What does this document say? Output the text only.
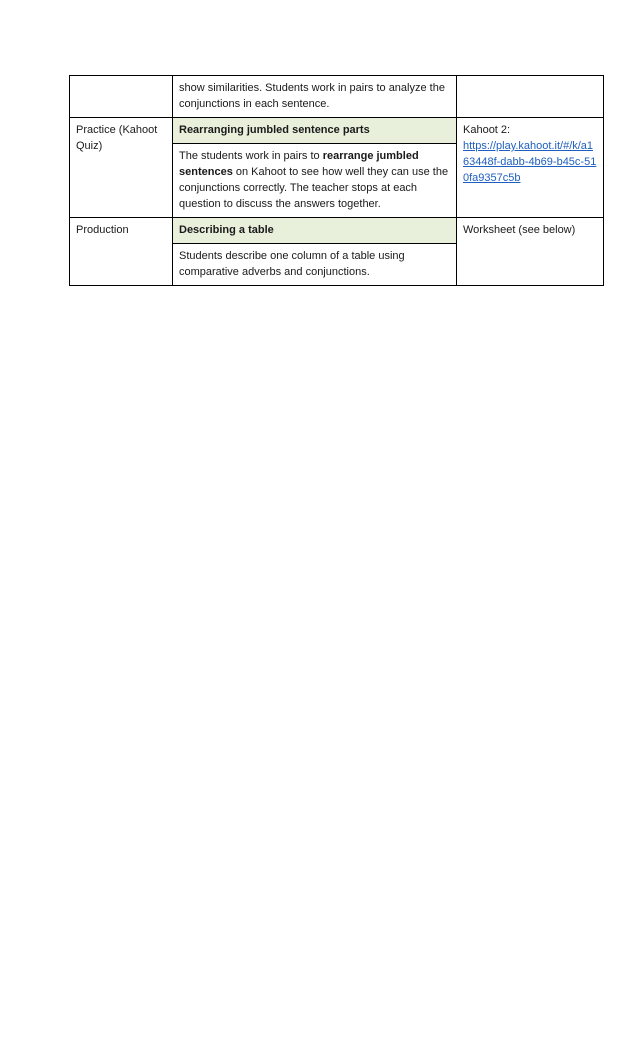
	show similarities. Students work in pairs to analyze the conjunctions in each sentence.	
Practice (Kahoot Quiz)	Rearranging jumbled sentence parts	Kahoot 2:
https://play.kahoot.it/#/k/a163448f-dabb-4b69-b45c-510fa9357c5b
	The students work in pairs to rearrange jumbled sentences on Kahoot to see how well they can use the conjunctions correctly. The teacher stops at each question to discuss the answers together.	
Production	Describing a table	Worksheet (see below)
	Students describe one column of a table using comparative adverbs and conjunctions.	
